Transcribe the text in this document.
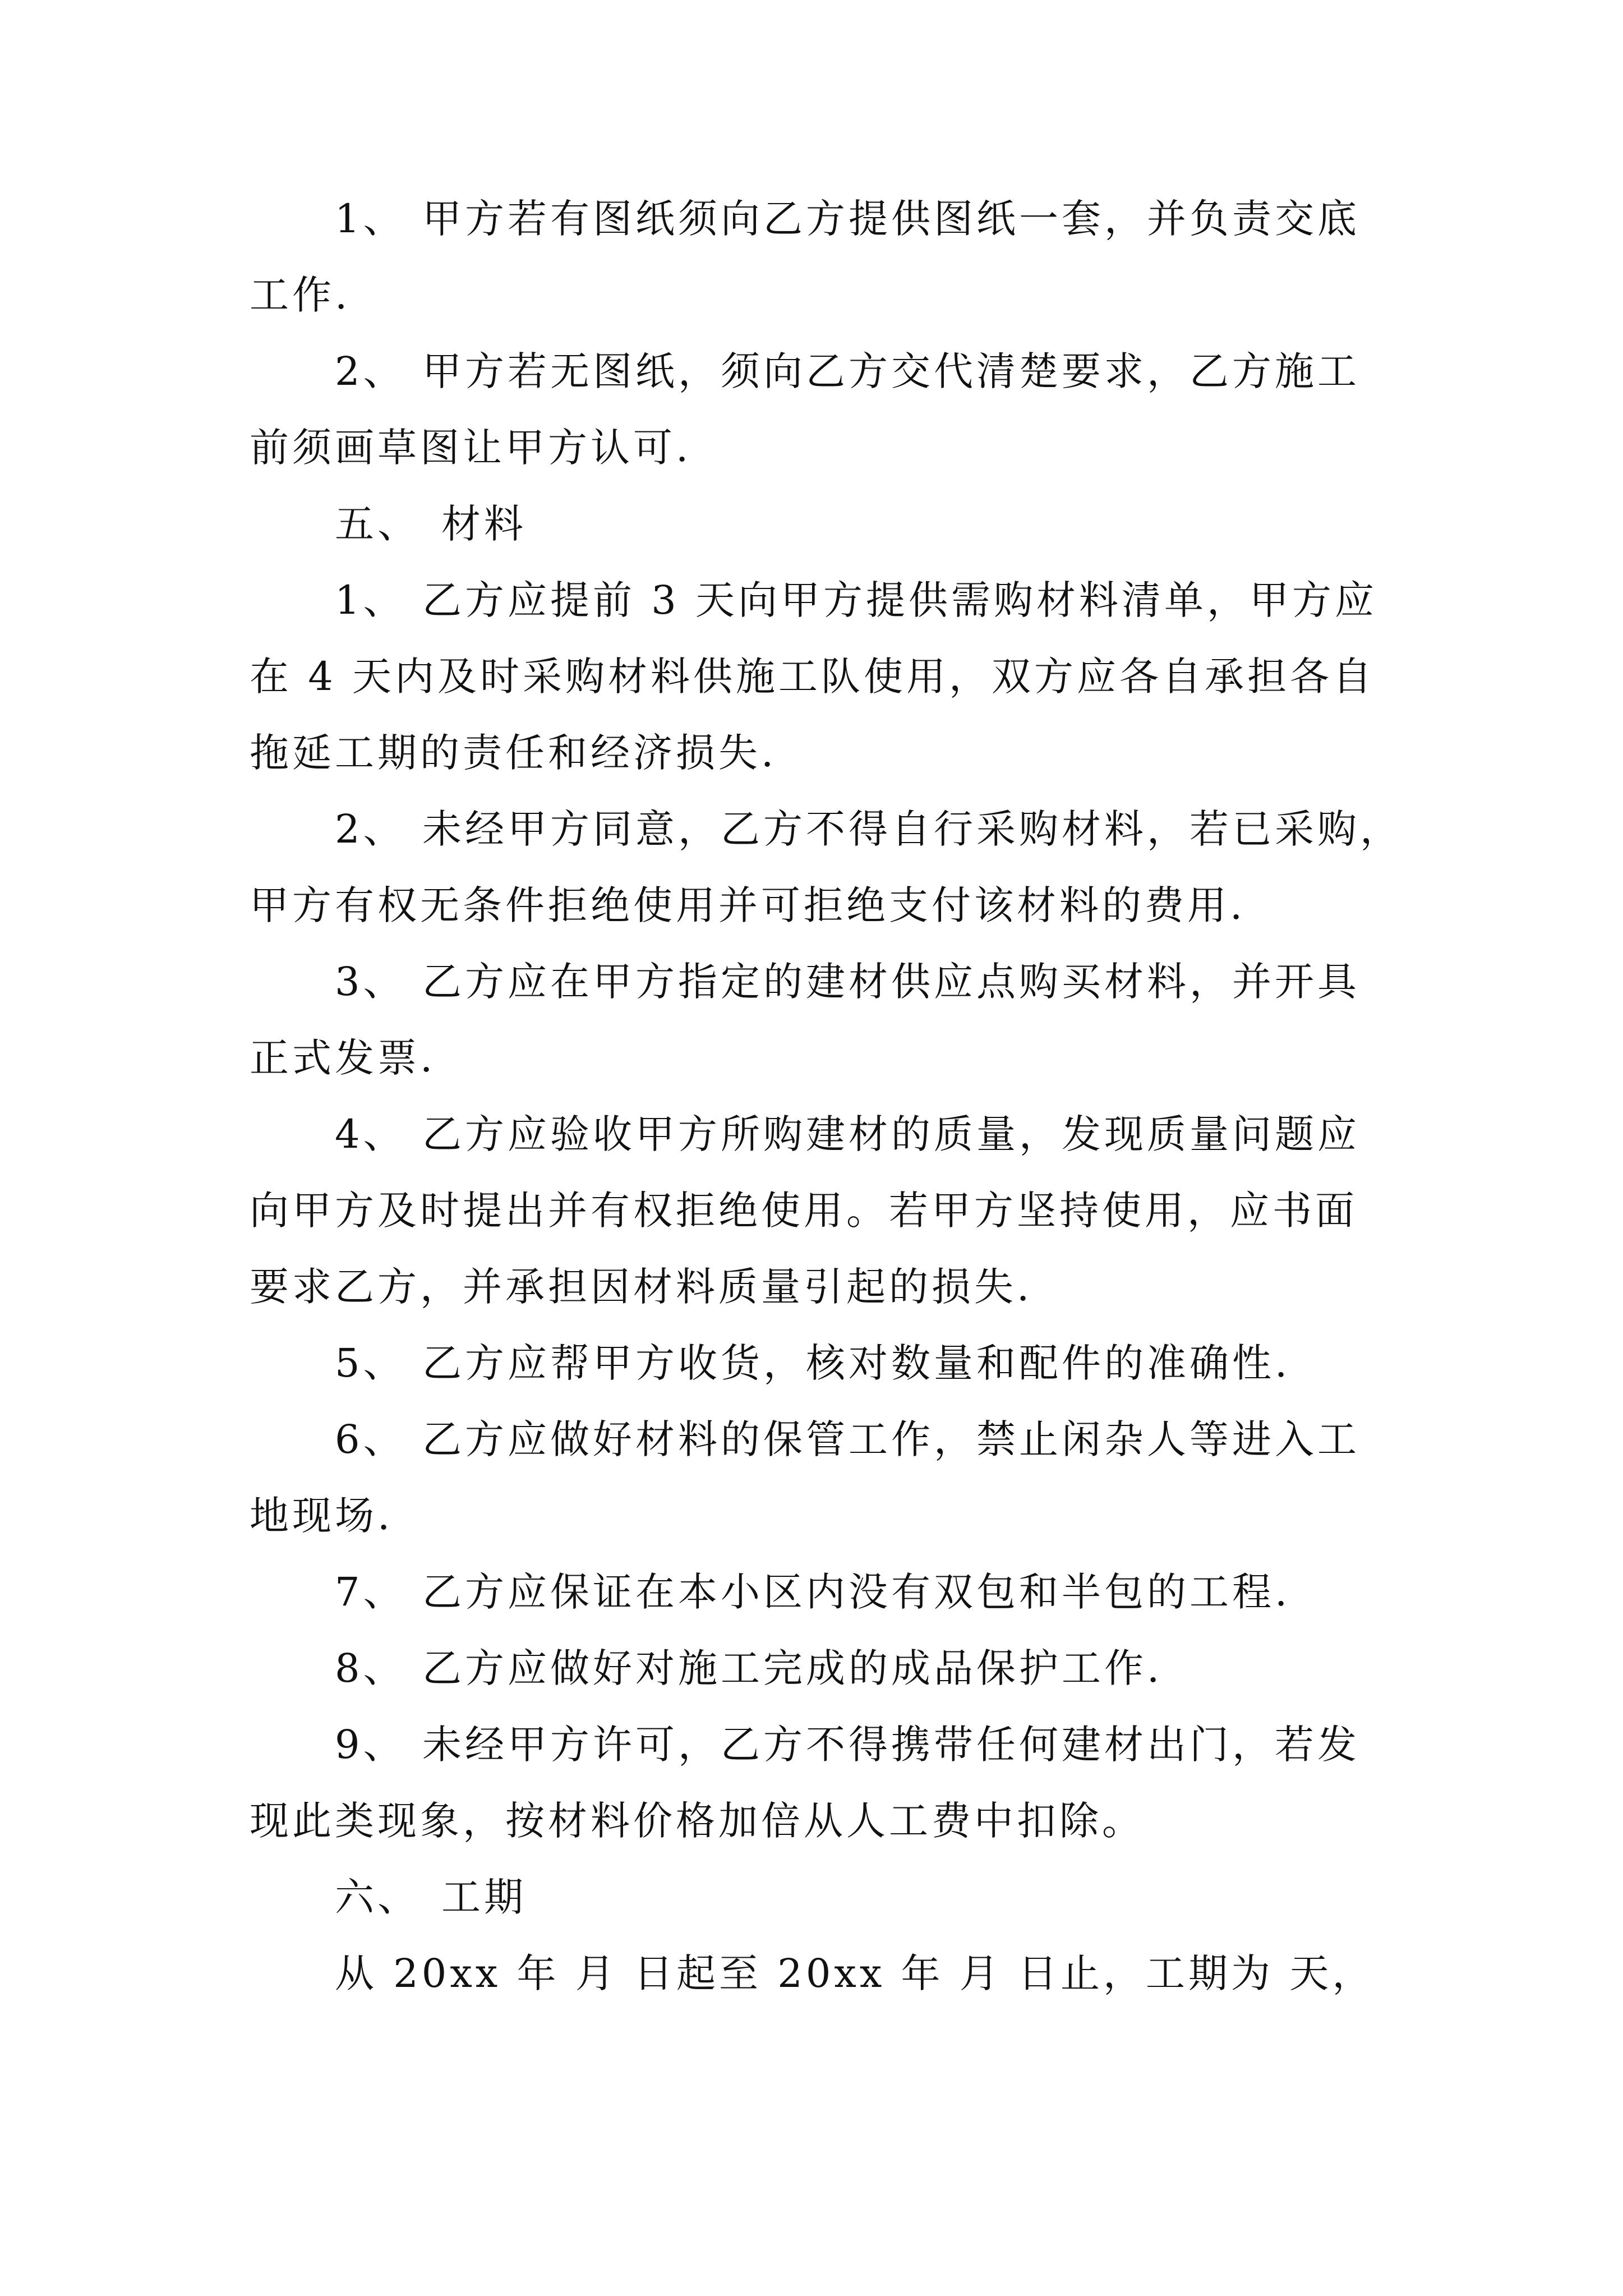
1、 甲方若有图纸须向乙方提供图纸一套，并负责交底
工作.
2、 甲方若无图纸，须向乙方交代清楚要求，乙方施工
前须画草图让甲方认可.
五、 材料
1、 乙方应提前 3 天向甲方提供需购材料清单，甲方应
在 4 天内及时采购材料供施工队使用，双方应各自承担各自
拖延工期的责任和经济损失.
2、 未经甲方同意，乙方不得自行采购材料，若已采购，
甲方有权无条件拒绝使用并可拒绝支付该材料的费用.
3、 乙方应在甲方指定的建材供应点购买材料，并开具
正式发票.
4、 乙方应验收甲方所购建材的质量，发现质量问题应
向甲方及时提出并有权拒绝使用。若甲方坚持使用，应书面
要求乙方，并承担因材料质量引起的损失.
5、 乙方应帮甲方收货，核对数量和配件的准确性.
6、 乙方应做好材料的保管工作，禁止闲杂人等进入工
地现场.
7、 乙方应保证在本小区内没有双包和半包的工程.
8、 乙方应做好对施工完成的成品保护工作.
9、 未经甲方许可，乙方不得携带任何建材出门，若发
现此类现象，按材料价格加倍从人工费中扣除。
六、 工期
从 20xx 年 月 日起至 20xx 年 月 日止，工期为 天，
